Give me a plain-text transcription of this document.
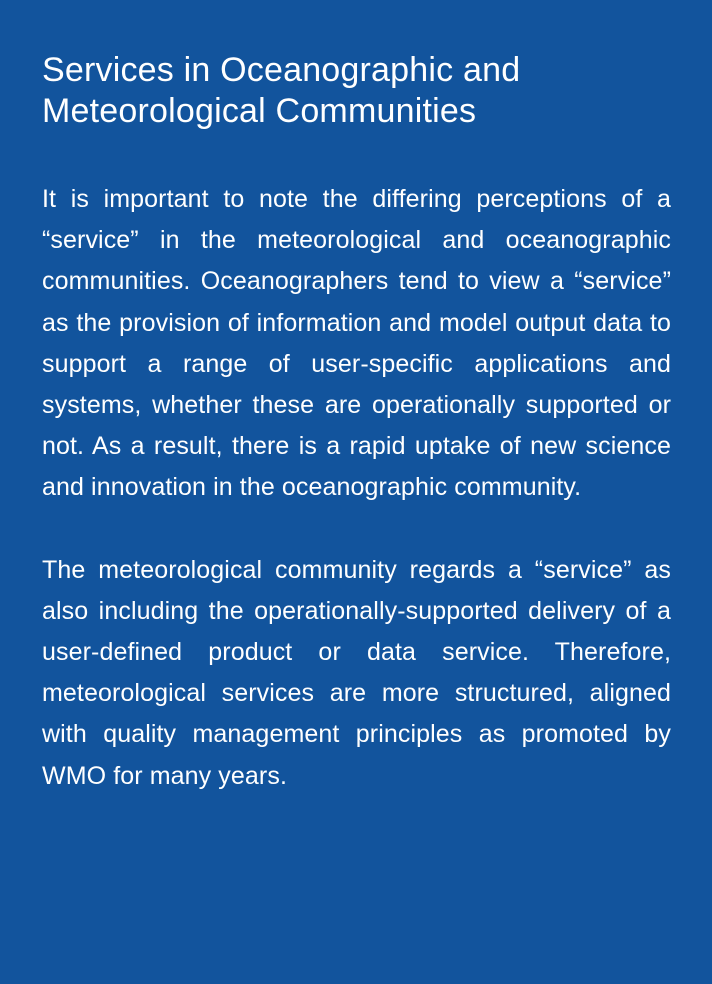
Services in Oceanographic and
Meteorological Communities

It is important to note the differing perceptions of a “service” in the meteorological and oceanographic communities. Oceanographers tend to view a “service” as the provision of information and model output data to support a range of user-specific applications and systems, whether these are operationally supported or not. As a result, there is a rapid uptake of new science and innovation in the oceanographic community.

The meteorological community regards a “service” as also including the operationally-supported delivery of a user-defined product or data service. Therefore, meteorological services are more structured, aligned with quality management principles as promoted by WMO for many years.
